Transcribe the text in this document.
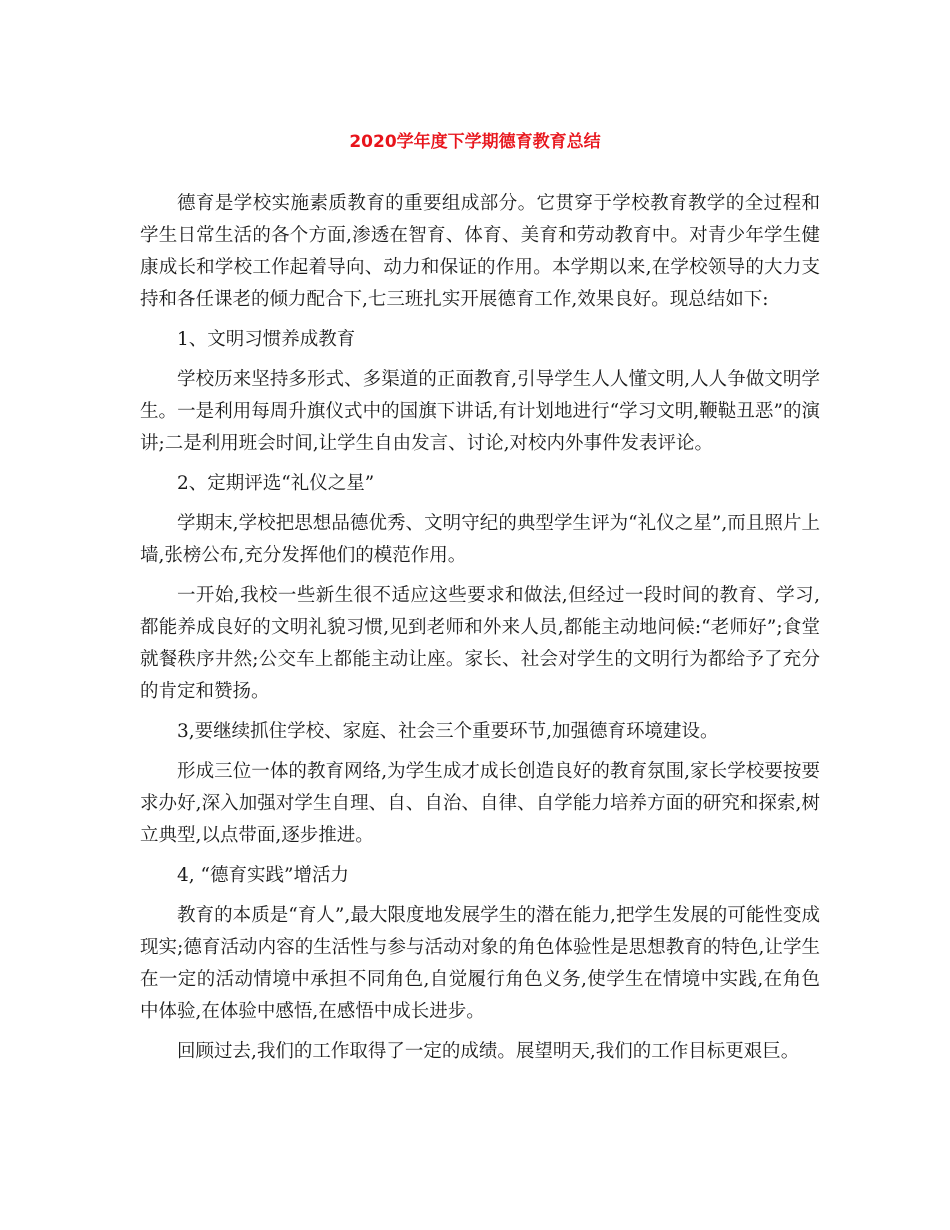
2020学年度下学期德育教育总结

德育是学校实施素质教育的重要组成部分。它贯穿于学校教育教学的全过程和学生日常生活的各个方面,渗透在智育、体育、美育和劳动教育中。对青少年学生健康成长和学校工作起着导向、动力和保证的作用。本学期以来,在学校领导的大力支持和各任课老的倾力配合下,七三班扎实开展德育工作,效果良好。现总结如下:

1、文明习惯养成教育

学校历来坚持多形式、多渠道的正面教育,引导学生人人懂文明,人人争做文明学生。一是利用每周升旗仪式中的国旗下讲话,有计划地进行“学习文明,鞭鞑丑恶”的演讲;二是利用班会时间,让学生自由发言、讨论,对校内外事件发表评论。

2、定期评选“礼仪之星”

学期末,学校把思想品德优秀、文明守纪的典型学生评为“礼仪之星”,而且照片上墙,张榜公布,充分发挥他们的模范作用。

一开始,我校一些新生很不适应这些要求和做法,但经过一段时间的教育、学习,都能养成良好的文明礼貌习惯,见到老师和外来人员,都能主动地问候:“老师好”;食堂就餐秩序井然;公交车上都能主动让座。家长、社会对学生的文明行为都给予了充分的肯定和赞扬。

3,要继续抓住学校、家庭、社会三个重要环节,加强德育环境建设。

形成三位一体的教育网络,为学生成才成长创造良好的教育氛围,家长学校要按要求办好,深入加强对学生自理、自、自治、自律、自学能力培养方面的研究和探索,树立典型,以点带面,逐步推进。

4, “德育实践”增活力

教育的本质是“育人”,最大限度地发展学生的潜在能力,把学生发展的可能性变成现实;德育活动内容的生活性与参与活动对象的角色体验性是思想教育的特色,让学生在一定的活动情境中承担不同角色,自觉履行角色义务,使学生在情境中实践,在角色中体验,在体验中感悟,在感悟中成长进步。

回顾过去,我们的工作取得了一定的成绩。展望明天,我们的工作目标更艰巨。
